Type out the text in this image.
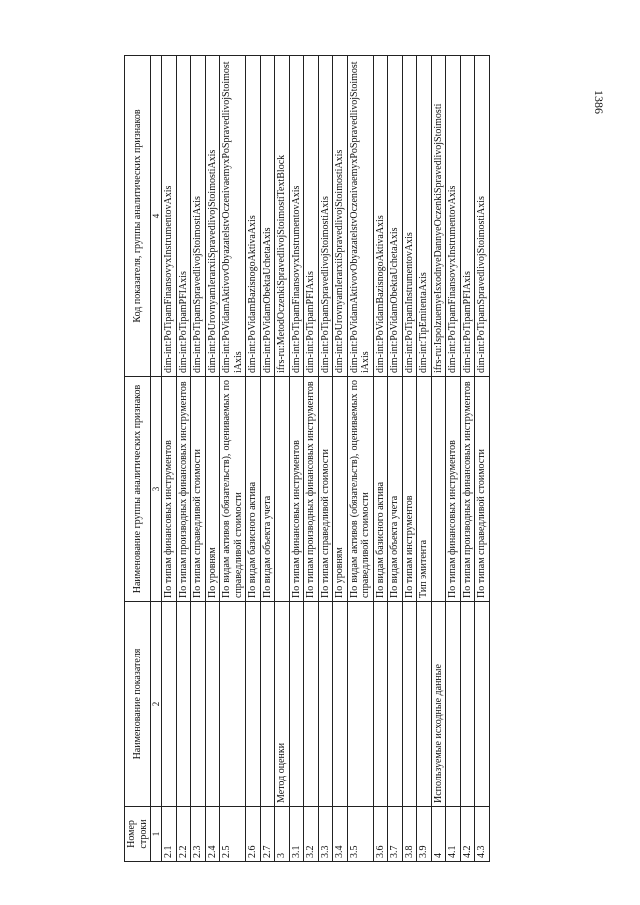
1386
Номер строки	Наименование показателя	Наименование группы аналитических признаков	Код показателя, группы аналитических признаков
1	2	3	4
2.1		По типам финансовых инструментов	dim-int:PoTipamFinansovyxInstrumentovAxis
2.2		По типам производных финансовых инструментов	dim-int:PoTipamPFIAxis
2.3		По типам справедливой стоимости	dim-int:PoTipamSpravedlivojStoimostiAxis
2.4		По уровням	dim-int:PoUrovnyamIerarxiiSpravedlivojStoimostiAxis
2.5		По видам активов (обязательств), оцениваемых по справедливой стоимости	dim-int:PoVidamAktivovObyazatelstvOczenivaemyxPoSpravedlivojStoimostiAxis
2.6		По видам базисного актива	dim-int:PoVidamBazisnogoAktivaAxis
2.7		По видам объекта учета	dim-int:PoVidamObektaUchetaAxis
3	Метод оценки		ifrs-ru:MetodOczenkiSpravedlivojStoimostiTextBlock
3.1		По типам финансовых инструментов	dim-int:PoTipamFinansovyxInstrumentovAxis
3.2		По типам производных финансовых инструментов	dim-int:PoTipamPFIAxis
3.3		По типам справедливой стоимости	dim-int:PoTipamSpravedlivojStoimostiAxis
3.4		По уровням	dim-int:PoUrovnyamIerarxiiSpravedlivojStoimostiAxis
3.5		По видам активов (обязательств), оцениваемых по справедливой стоимости	dim-int:PoVidamAktivovObyazatelstvOczenivaemyxPoSpravedlivojStoimostiAxis
3.6		По видам базисного актива	dim-int:PoVidamBazisnogoAktivaAxis
3.7		По видам объекта учета	dim-int:PoVidamObektaUchetaAxis
3.8		По типам инструментов	dim-int:PoTipamInstrumentovAxis
3.9		Тип эмитента	dim-int:TipEmitentaAxis
4	Используемые исходные данные		ifrs-ru:IspolzuemyeIsxodnyeDannyeOczenkiSpravedlivojStoimosti
4.1		По типам финансовых инструментов	dim-int:PoTipamFinansovyxInstrumentovAxis
4.2		По типам производных финансовых инструментов	dim-int:PoTipamPFIAxis
4.3		По типам справедливой стоимости	dim-int:PoTipamSpravedlivojStoimostiAxis
